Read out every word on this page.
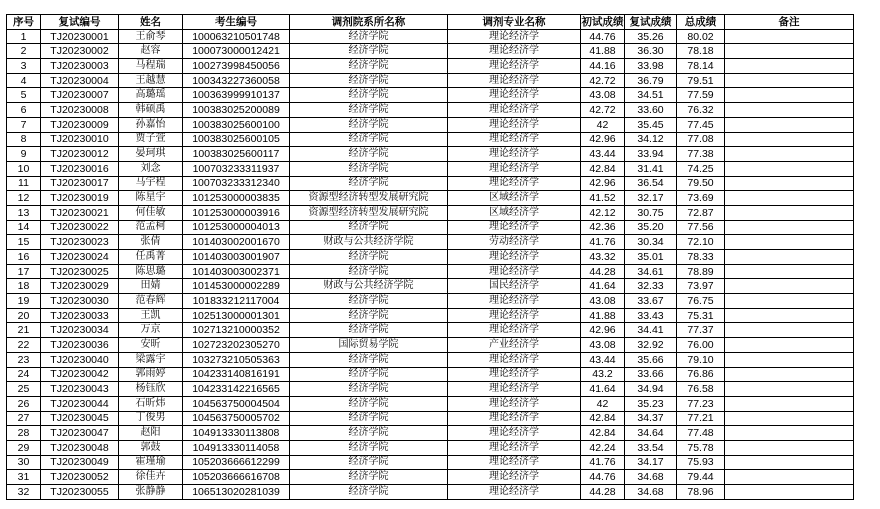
序号	复试编号	姓名	考生编号	调剂院系所名称	调剂专业名称	初试成绩	复试成绩	总成绩	备注
1	TJ20230001	王俞琴	100063210501748	经济学院	理论经济学	44.76	35.26	80.02	
2	TJ20230002	赵容	100073000012421	经济学院	理论经济学	41.88	36.30	78.18	
3	TJ20230003	马程瑞	100273998450056	经济学院	理论经济学	44.16	33.98	78.14	
4	TJ20230004	王越慧	100343227360058	经济学院	理论经济学	42.72	36.79	79.51	
5	TJ20230007	高璐瑶	100363999910137	经济学院	理论经济学	43.08	34.51	77.59	
6	TJ20230008	韩硕禹	100383025200089	经济学院	理论经济学	42.72	33.60	76.32	
7	TJ20230009	孙嘉怡	100383025600100	经济学院	理论经济学	42	35.45	77.45	
8	TJ20230010	贾子萱	100383025600105	经济学院	理论经济学	42.96	34.12	77.08	
9	TJ20230012	晏珂琪	100383025600117	经济学院	理论经济学	43.44	33.94	77.38	
10	TJ20230016	刘念	100703233311937	经济学院	理论经济学	42.84	31.41	74.25	
11	TJ20230017	马宇程	100703233312340	经济学院	理论经济学	42.96	36.54	79.50	
12	TJ20230019	陈星宇	101253000003835	资源型经济转型发展研究院	区域经济学	41.52	32.17	73.69	
13	TJ20230021	何佳敏	101253000003916	资源型经济转型发展研究院	区域经济学	42.12	30.75	72.87	
14	TJ20230022	范孟柯	101253000004013	经济学院	理论经济学	42.36	35.20	77.56	
15	TJ20230023	张倩	101403002001670	财政与公共经济学院	劳动经济学	41.76	30.34	72.10	
16	TJ20230024	任禹菁	101403003001907	经济学院	理论经济学	43.32	35.01	78.33	
17	TJ20230025	陈思璐	101403003002371	经济学院	理论经济学	44.28	34.61	78.89	
18	TJ20230029	田婧	101453000002289	财政与公共经济学院	国民经济学	41.64	32.33	73.97	
19	TJ20230030	范春辉	101833212117004	经济学院	理论经济学	43.08	33.67	76.75	
20	TJ20230033	王凯	102513000001301	经济学院	理论经济学	41.88	33.43	75.31	
21	TJ20230034	万京	102713210000352	经济学院	理论经济学	42.96	34.41	77.37	
22	TJ20230036	安昕	102723202305270	国际贸易学院	产业经济学	43.08	32.92	76.00	
23	TJ20230040	梁露宇	103273210505363	经济学院	理论经济学	43.44	35.66	79.10	
24	TJ20230042	郭雨婷	104233140816191	经济学院	理论经济学	43.2	33.66	76.86	
25	TJ20230043	杨钰欣	104233142216565	经济学院	理论经济学	41.64	34.94	76.58	
26	TJ20230044	石昕炜	104563750004504	经济学院	理论经济学	42	35.23	77.23	
27	TJ20230045	丁俊男	104563750005702	经济学院	理论经济学	42.84	34.37	77.21	
28	TJ20230047	赵阳	104913330113808	经济学院	理论经济学	42.84	34.64	77.48	
29	TJ20230048	郭鼓	104913330114058	经济学院	理论经济学	42.24	33.54	75.78	
30	TJ20230049	霍瑾瑜	105203666612299	经济学院	理论经济学	41.76	34.17	75.93	
31	TJ20230052	徐佳卉	105203666616708	经济学院	理论经济学	44.76	34.68	79.44	
32	TJ20230055	张静静	106513020281039	经济学院	理论经济学	44.28	34.68	78.96	
